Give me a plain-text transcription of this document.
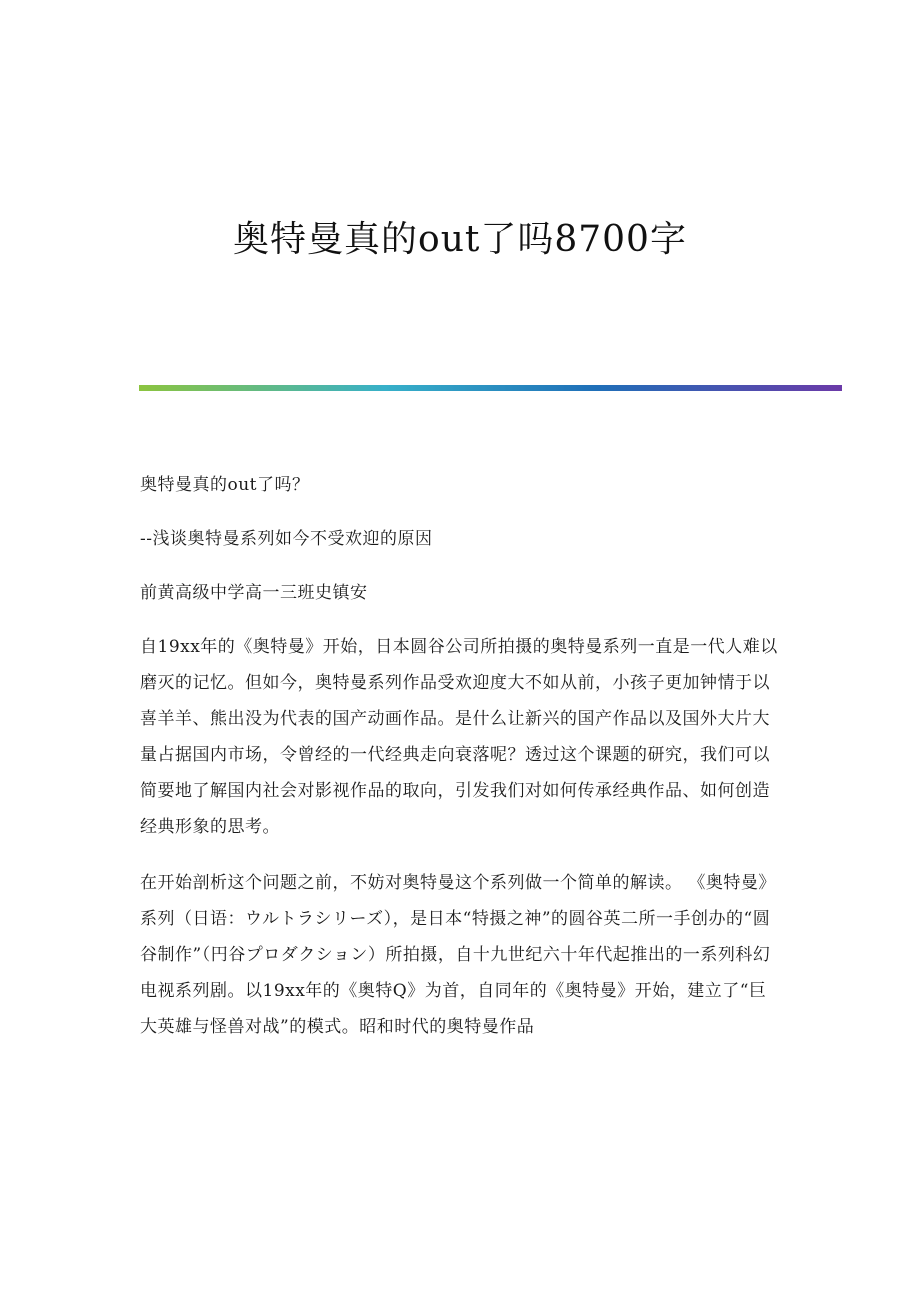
奥特曼真的out了吗8700字

奥特曼真的out了吗？

--浅谈奥特曼系列如今不受欢迎的原因

前黄高级中学高一三班史镇安

自19xx年的《奥特曼》开始，日本圆谷公司所拍摄的奥特曼系列一直是一代人难以磨灭的记忆。但如今，奥特曼系列作品受欢迎度大不如从前，小孩子更加钟情于以喜羊羊、熊出没为代表的国产动画作品。是什么让新兴的国产作品以及国外大片大量占据国内市场，令曾经的一代经典走向衰落呢？透过这个课题的研究，我们可以简要地了解国内社会对影视作品的取向，引发我们对如何传承经典作品、如何创造经典形象的思考。

在开始剖析这个问题之前，不妨对奥特曼这个系列做一个简单的解读。 《奥特曼》系列（日语：ウルトラシリーズ），是日本“特摄之神”的圆谷英二所一手创办的“圆谷制作”（円谷プロダクション）所拍摄，自十九世纪六十年代起推出的一系列科幻电视系列剧。以19xx年的《奥特Q》为首，自同年的《奥特曼》开始，建立了“巨大英雄与怪兽对战”的模式。昭和时代的奥特曼作品
